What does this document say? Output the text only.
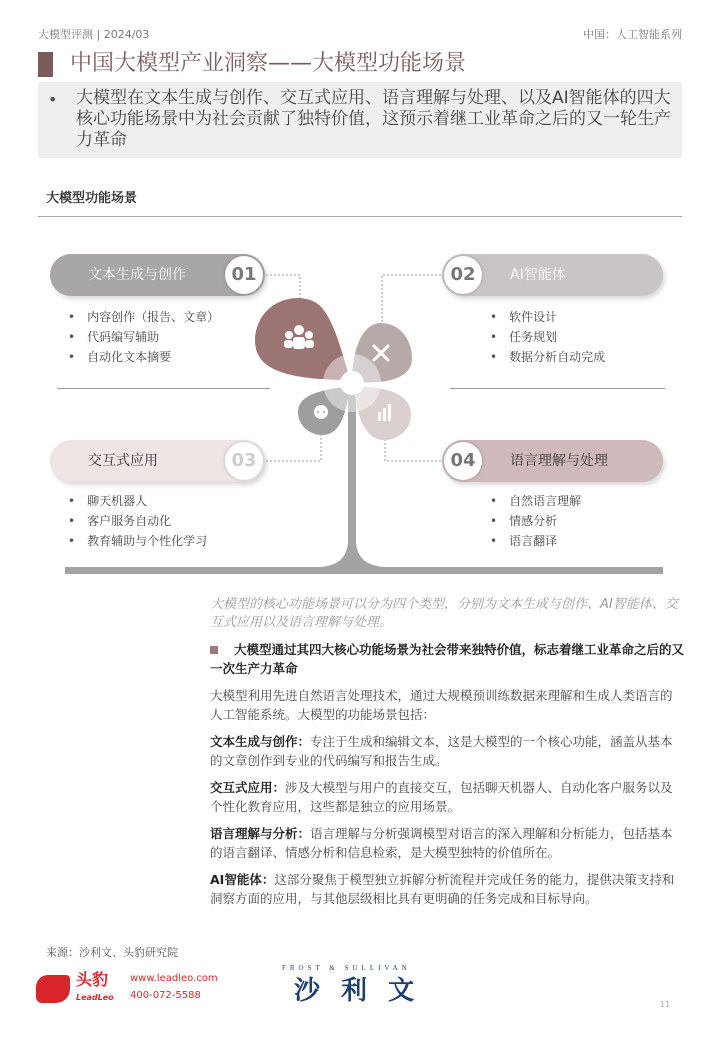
大模型评测 | 2024/03	中国：人工智能系列
中国大模型产业洞察——大模型功能场景
• 大模型在文本生成与创作、交互式应用、语言理解与处理、以及AI智能体的四大核心功能场景中为社会贡献了独特价值，这预示着继工业革命之后的又一轮生产力革命
大模型功能场景
文本生成与创作	01	02	AI智能体
交互式应用	03	04	语言理解与处理
• 内容创作（报告、文章）
• 代码编写辅助
• 自动化文本摘要
• 软件设计
• 任务规划
• 数据分析自动完成
• 聊天机器人
• 客户服务自动化
• 教育辅助与个性化学习
• 自然语言理解
• 情感分析
• 语言翻译
大模型的核心功能场景可以分为四个类型，分别为文本生成与创作、AI智能体、交互式应用以及语言理解与处理。
大模型通过其四大核心功能场景为社会带来独特价值，标志着继工业革命之后的又一次生产力革命
大模型利用先进自然语言处理技术，通过大规模预训练数据来理解和生成人类语言的人工智能系统。大模型的功能场景包括：
文本生成与创作：专注于生成和编辑文本，这是大模型的一个核心功能，涵盖从基本的文章创作到专业的代码编写和报告生成。
交互式应用：涉及大模型与用户的直接交互，包括聊天机器人、自动化客户服务以及个性化教育应用，这些都是独立的应用场景。
语言理解与分析：语言理解与分析强调模型对语言的深入理解和分析能力，包括基本的语言翻译、情感分析和信息检索，是大模型独特的价值所在。
AI智能体：这部分聚焦于模型独立拆解分析流程并完成任务的能力，提供决策支持和洞察方面的应用，与其他层级相比具有更明确的任务完成和目标导向。
来源：沙利文、头豹研究院
头豹
LeadLeo
www.leadleo.com
400-072-5588
FROST & SULLIVAN
沙 利 文	11
